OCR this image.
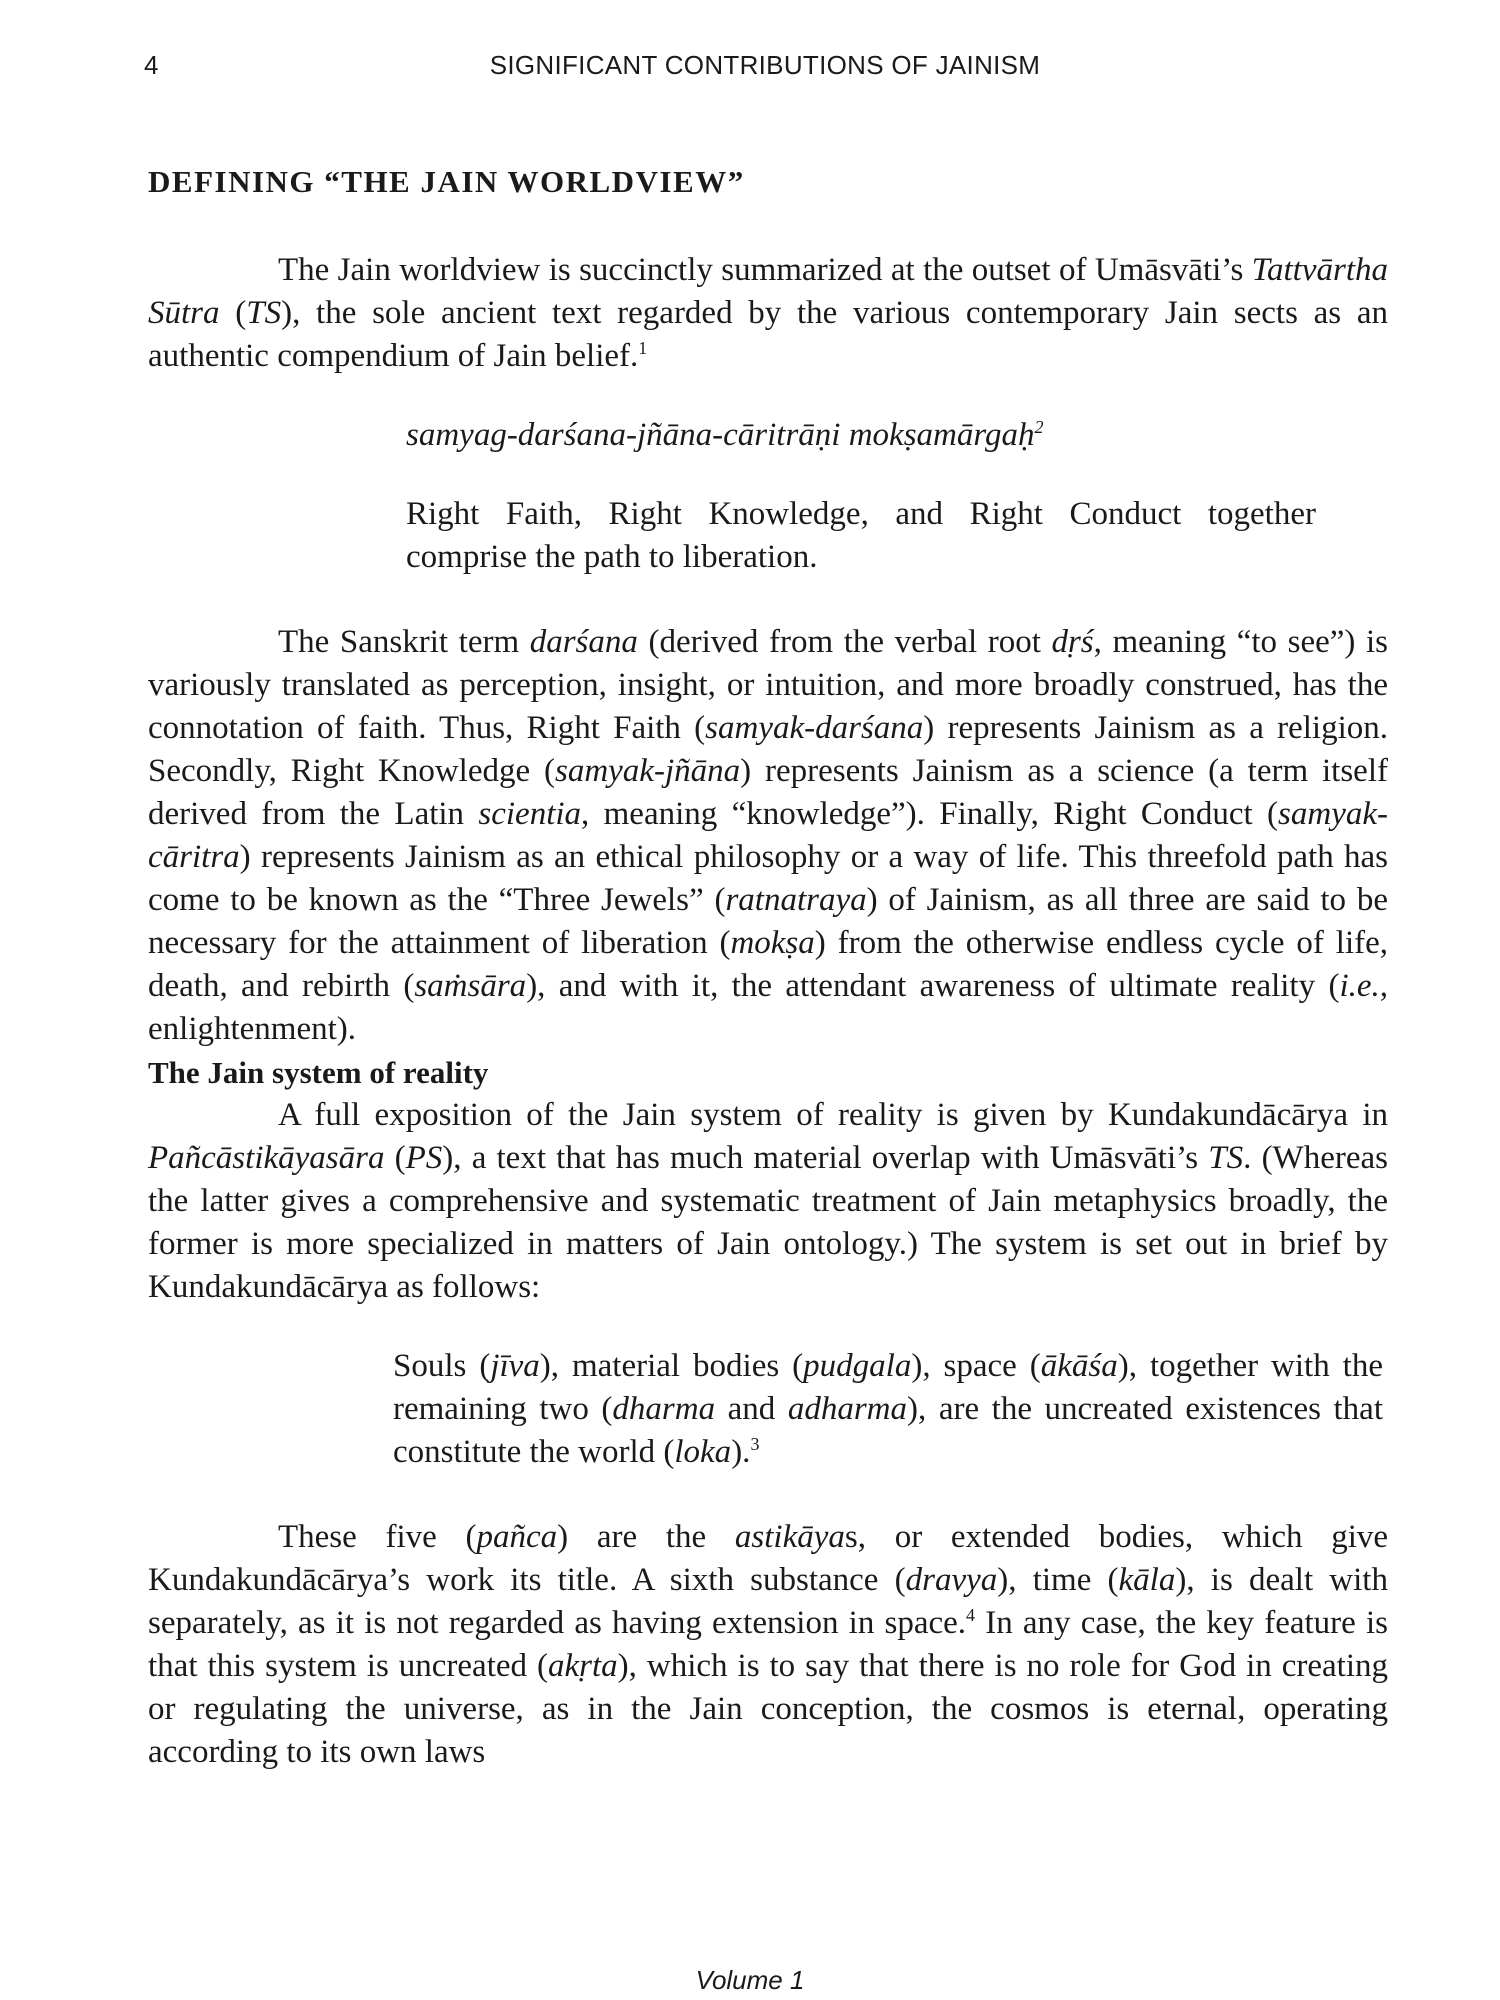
4	SIGNIFICANT CONTRIBUTIONS OF JAINISM
DEFINING “THE JAIN WORLDVIEW”

The Jain worldview is succinctly summarized at the outset of Umāsvāti’s Tattvārtha Sūtra (TS), the sole ancient text regarded by the various contemporary Jain sects as an authentic compendium of Jain belief.$^1$

samyag-darśana-jñāna-cāritrāṇi mokṣamārgaḥ$^2$

Right Faith, Right Knowledge, and Right Conduct together comprise the path to liberation.

The Sanskrit term darśana (derived from the verbal root dṛś, meaning “to see”) is variously translated as perception, insight, or intuition, and more broadly construed, has the connotation of faith. Thus, Right Faith (samyak-darśana) represents Jainism as a religion. Secondly, Right Knowledge (samyak-jñāna) represents Jainism as a science (a term itself derived from the Latin scientia, meaning “knowledge”). Finally, Right Conduct (samyak-cāritra) represents Jainism as an ethical philosophy or a way of life. This threefold path has come to be known as the “Three Jewels” (ratnatraya) of Jainism, as all three are said to be necessary for the attainment of liberation (mokṣa) from the otherwise endless cycle of life, death, and rebirth (saṁsāra), and with it, the attendant awareness of ultimate reality (i.e., enlightenment).

The Jain system of reality

A full exposition of the Jain system of reality is given by Kundakundācārya in Pañcāstikāyasāra (PS), a text that has much material overlap with Umāsvāti’s TS. (Whereas the latter gives a comprehensive and systematic treatment of Jain metaphysics broadly, the former is more specialized in matters of Jain ontology.) The system is set out in brief by Kundakundācārya as follows:

Souls (jīva), material bodies (pudgala), space (ākāśa), together with the remaining two (dharma and adharma), are the uncreated existences that constitute the world (loka).$^3$

These five (pañca) are the astikāyas, or extended bodies, which give Kundakundācārya’s work its title. A sixth substance (dravya), time (kāla), is dealt with separately, as it is not regarded as having extension in space.$^4$ In any case, the key feature is that this system is uncreated (akṛta), which is to say that there is no role for God in creating or regulating the universe, as in the Jain conception, the cosmos is eternal, operating according to its own laws

Volume 1
